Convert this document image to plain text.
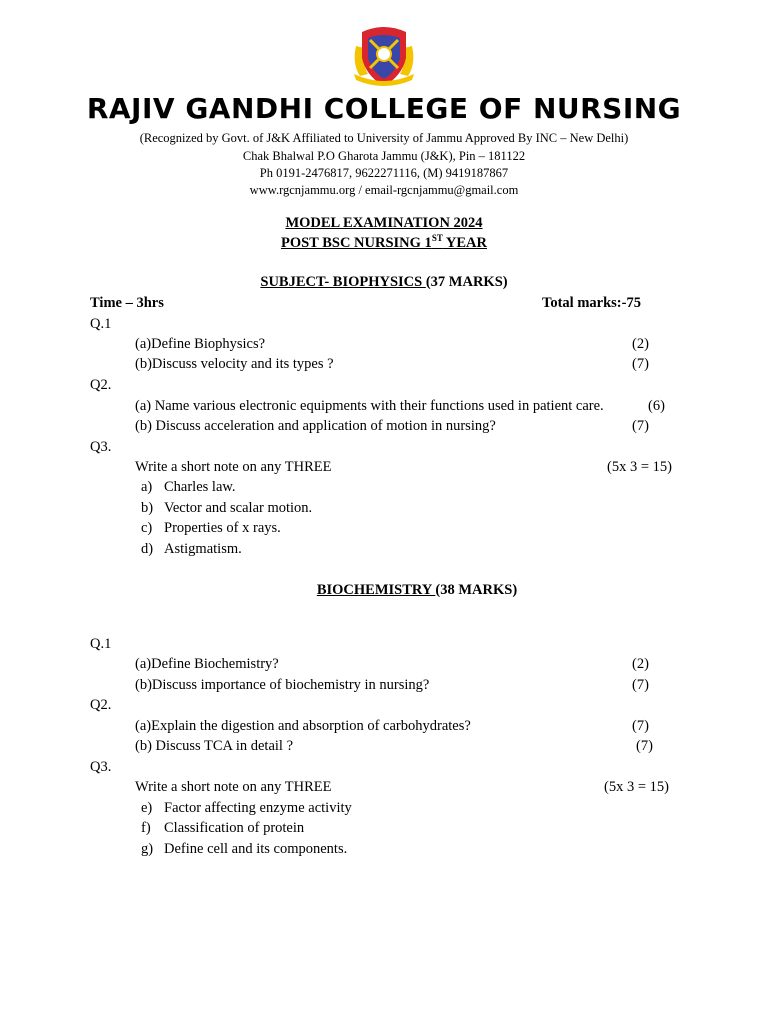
RAJIV GANDHI COLLEGE OF NURSING
(Recognized by Govt. of J&K Affiliated to University of Jammu Approved By INC – New Delhi)
Chak Bhalwal P.O Gharota Jammu (J&K), Pin – 181122
Ph 0191-2476817, 9622271116, (M) 9419187867
www.rgcnjammu.org / email-rgcnjammu@gmail.com
MODEL EXAMINATION 2024
POST BSC NURSING 1ST YEAR
SUBJECT- BIOPHYSICS (37 MARKS)
Time – 3hrs	Total marks:-75
Q.1
(a)Define Biophysics?	(2)
(b)Discuss velocity and its types ?	(7)
Q2.
(a) Name various electronic equipments with their functions used in patient care.	(6)
(b) Discuss acceleration and application of motion in nursing?	(7)
Q3.
Write a short note on any THREE	(5x 3 = 15)
a) Charles law.
b) Vector and scalar motion.
c) Properties of x rays.
d) Astigmatism.
BIOCHEMISTRY (38 MARKS)
Q.1
(a)Define Biochemistry?	(2)
(b)Discuss importance of biochemistry in nursing?	(7)
Q2.
(a)Explain the digestion and absorption of carbohydrates?	(7)
(b) Discuss TCA in detail ?	(7)
Q3.
Write a short note on any THREE	(5x 3 = 15)
e) Factor affecting enzyme activity
f) Classification of protein
g) Define cell and its components.
